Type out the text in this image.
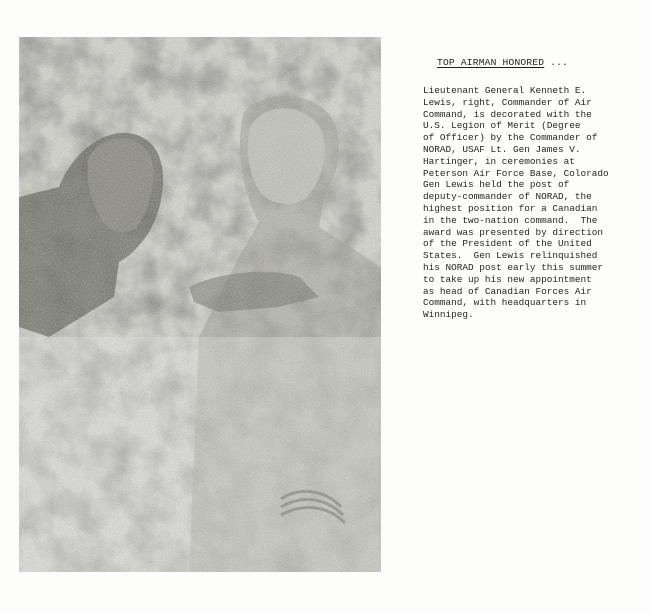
TOP AIRMAN HONORED ...
Lieutenant General Kenneth E.
Lewis, right, Commander of Air
Command, is decorated with the
U.S. Legion of Merit (Degree
of Officer) by the Commander of
NORAD, USAF Lt. Gen James V.
Hartinger, in ceremonies at
Peterson Air Force Base, Colorado
Gen Lewis held the post of
deputy-commander of NORAD, the
highest position for a Canadian
in the two-nation command.  The
award was presented by direction
of the President of the United
States.  Gen Lewis relinquished
his NORAD post early this summer
to take up his new appointment
as head of Canadian Forces Air
Command, with headquarters in
Winnipeg.
